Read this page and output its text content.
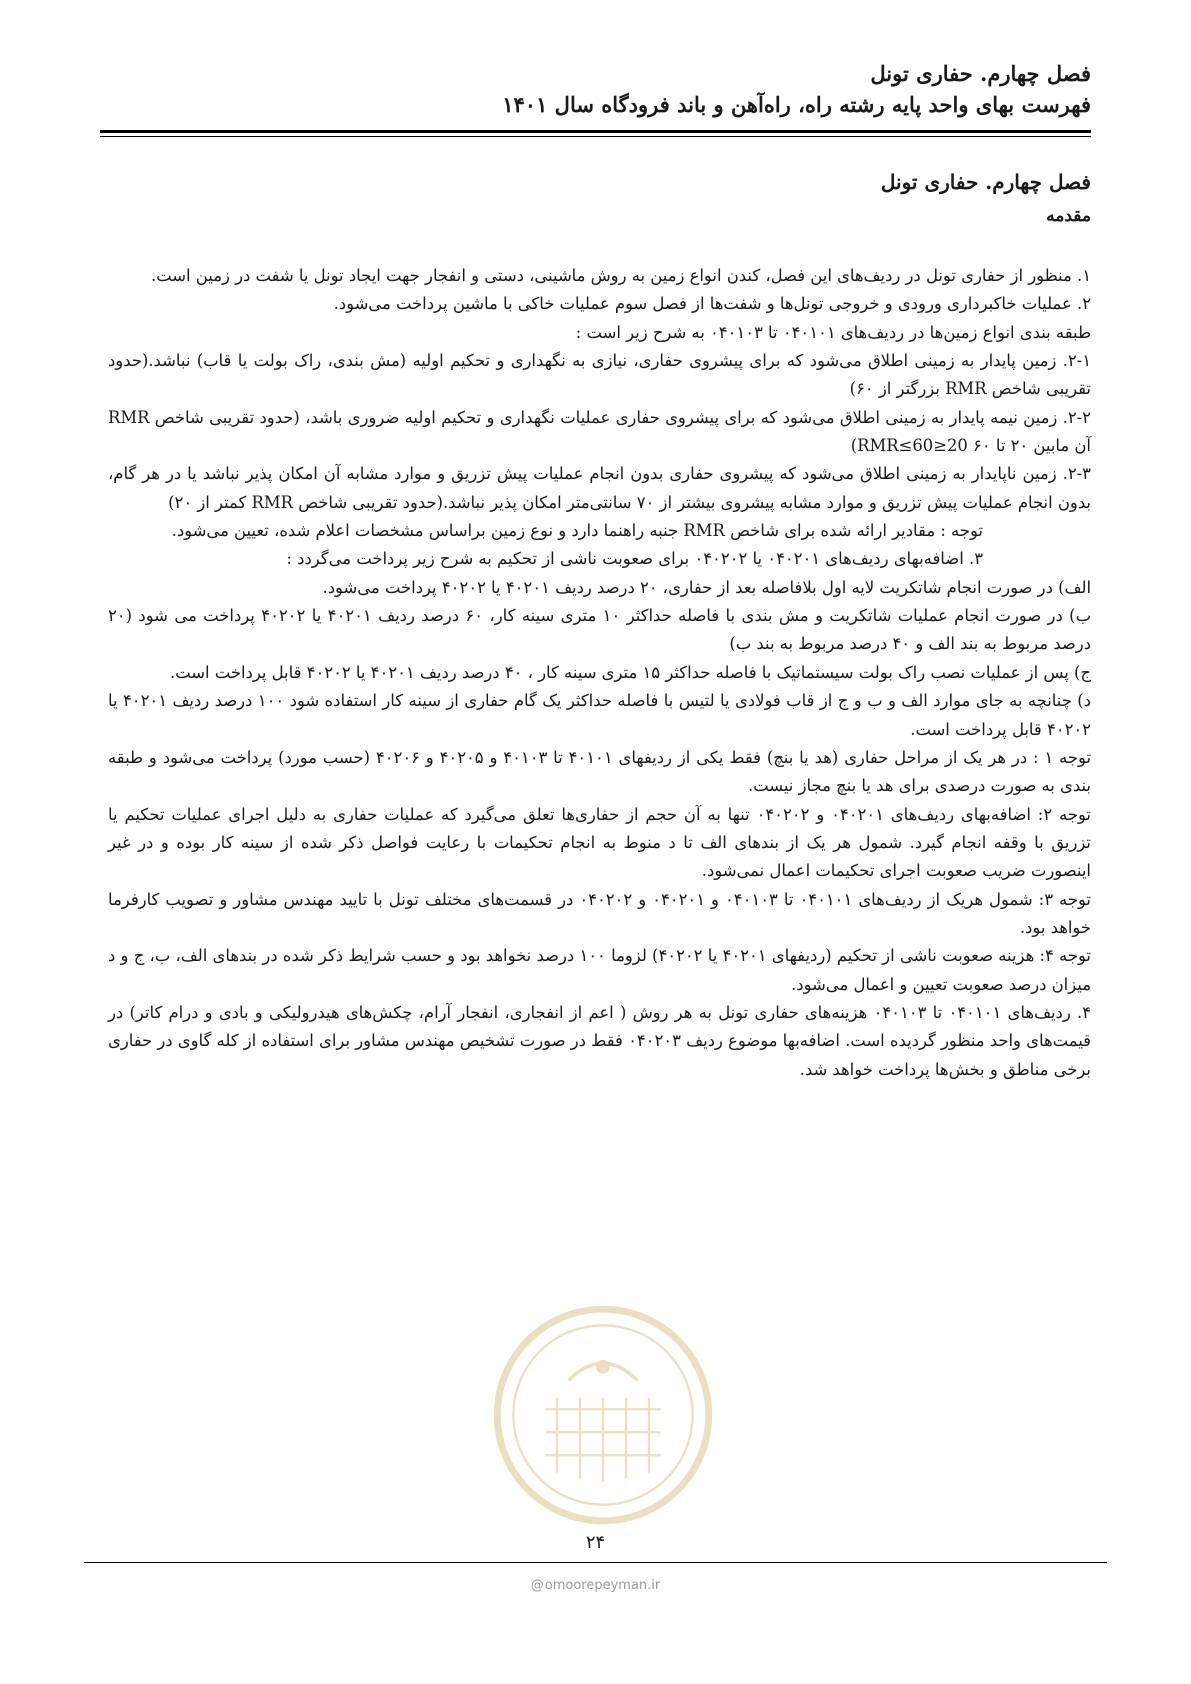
فصل چهارم. حفاری تونل
فهرست بهای واحد پایه رشته راه، راه‌آهن و باند فرودگاه سال ۱۴۰۱
فصل چهارم. حفاری تونل
مقدمه

۱. منظور از حفاری تونل در ردیف‌های این فصل، کندن انواع زمین به روش ماشینی، دستی و انفجار جهت ایجاد تونل یا شفت در زمین است.

۲. عملیات خاکبرداری ورودی و خروجی تونل‌ها و شفت‌ها از فصل سوم عملیات خاکی با ماشین پرداخت می‌شود.

طبقه بندی انواع زمین‌ها در ردیف‌های ۰۴۰۱۰۱ تا ۰۴۰۱۰۳ به شرح زیر است :

۲-۱. زمین پایدار به زمینی اطلاق می‌شود که برای پیشروی حفاری، نیازی به نگهداری و تحکیم اولیه (مش بندی، راک بولت یا قاب) نباشد.(حدود تقریبی شاخص RMR بزرگتر از ۶۰)

۲-۲. زمین نیمه پایدار به زمینی اطلاق می‌شود که برای پیشروی حفاری عملیات نگهداری و تحکیم اولیه ضروری باشد، (حدود تقریبی شاخص RMR آن مابین ۲۰ تا ۶۰ 20≤RMR≤60)

۲-۳. زمین ناپایدار به زمینی اطلاق می‌شود که پیشروی حفاری بدون انجام عملیات پیش تزریق و موارد مشابه آن امکان پذیر نباشد یا در هر گام، بدون انجام عملیات پیش تزریق و موارد مشابه پیشروی بیشتر از ۷۰ سانتی‌متر امکان پذیر نباشد.(حدود تقریبی شاخص RMR کمتر از ۲۰)

توجه : مقادیر ارائه شده برای شاخص RMR جنبه راهنما دارد و نوع زمین براساس مشخصات اعلام شده، تعیین می‌شود.

۳. اضافه‌بهای ردیف‌های ۰۴۰۲۰۱ یا ۰۴۰۲۰۲ برای صعوبت ناشی از تحکیم به شرح زیر پرداخت می‌گردد :

الف) در صورت انجام شاتکریت لایه اول بلافاصله بعد از حفاری، ۲۰ درصد ردیف ۴۰۲۰۱ یا ۴۰۲۰۲ پرداخت می‌شود.

ب) در صورت انجام عملیات شاتکریت و مش بندی با فاصله حداکثر ۱۰ متری سینه کار، ۶۰ درصد ردیف ۴۰۲۰۱ یا ۴۰۲۰۲ پرداخت می شود (۲۰ درصد مربوط به بند الف و ۴۰ درصد مربوط به بند ب)

ج) پس از عملیات نصب راک بولت سیستماتیک با فاصله حداکثر ۱۵ متری سینه کار ، ۴۰ درصد ردیف ۴۰۲۰۱ یا ۴۰۲۰۲ قابل پرداخت است.

د) چنانچه به جای موارد الف و ب و ج از قاب فولادی یا لتیس با فاصله حداکثر یک گام حفاری از سینه کار استفاده شود ۱۰۰ درصد ردیف ۴۰۲۰۱ یا ۴۰۲۰۲ قابل پرداخت است.

توجه ۱ : در هر یک از مراحل حفاری (هد یا بنچ) فقط یکی از ردیفهای ۴۰۱۰۱ تا ۴۰۱۰۳ و ۴۰۲۰۵ و ۴۰۲۰۶ (حسب مورد) پرداخت می‌شود و طبقه بندی به صورت درصدی برای هد یا بنچ مجاز نیست.

توجه ۲: اضافه‌بهای ردیف‌های ۰۴۰۲۰۱ و ۰۴۰۲۰۲ تنها به آن حجم از حفاری‌ها تعلق می‌گیرد که عملیات حفاری به دلیل اجرای عملیات تحکیم یا تزریق با وقفه انجام گیرد. شمول هر یک از بندهای الف تا د منوط به انجام تحکیمات با رعایت فواصل ذکر شده از سینه کار بوده و در غیر اینصورت ضریب صعوبت اجرای تحکیمات اعمال نمی‌شود.

توجه ۳: شمول هریک از ردیف‌های ۰۴۰۱۰۱ تا ۰۴۰۱۰۳ و ۰۴۰۲۰۱ و ۰۴۰۲۰۲ در قسمت‌های مختلف تونل با تایید مهندس مشاور و تصویب کارفرما خواهد بود.

توجه ۴: هزینه صعوبت ناشی از تحکیم (ردیفهای ۴۰۲۰۱ یا ۴۰۲۰۲) لزوما ۱۰۰ درصد نخواهد بود و حسب شرایط ذکر شده در بندهای الف، ب، ج و د میزان درصد صعوبت تعیین و اعمال می‌شود.

۴. ردیف‌های ۰۴۰۱۰۱ تا ۰۴۰۱۰۳ هزینه‌های حفاری تونل به هر روش ( اعم از انفجاری، انفجار آرام، چکش‌های هیدرولیکی و بادی و درام کاتر) در قیمت‌های واحد منظور گردیده است. اضافه‌بها موضوع ردیف ۰۴۰۲۰۳ فقط در صورت تشخیص مهندس مشاور برای استفاده از کله گاوی در حفاری برخی مناطق و بخش‌ها پرداخت خواهد شد.

۲۴
@omoorepeyman.ir
